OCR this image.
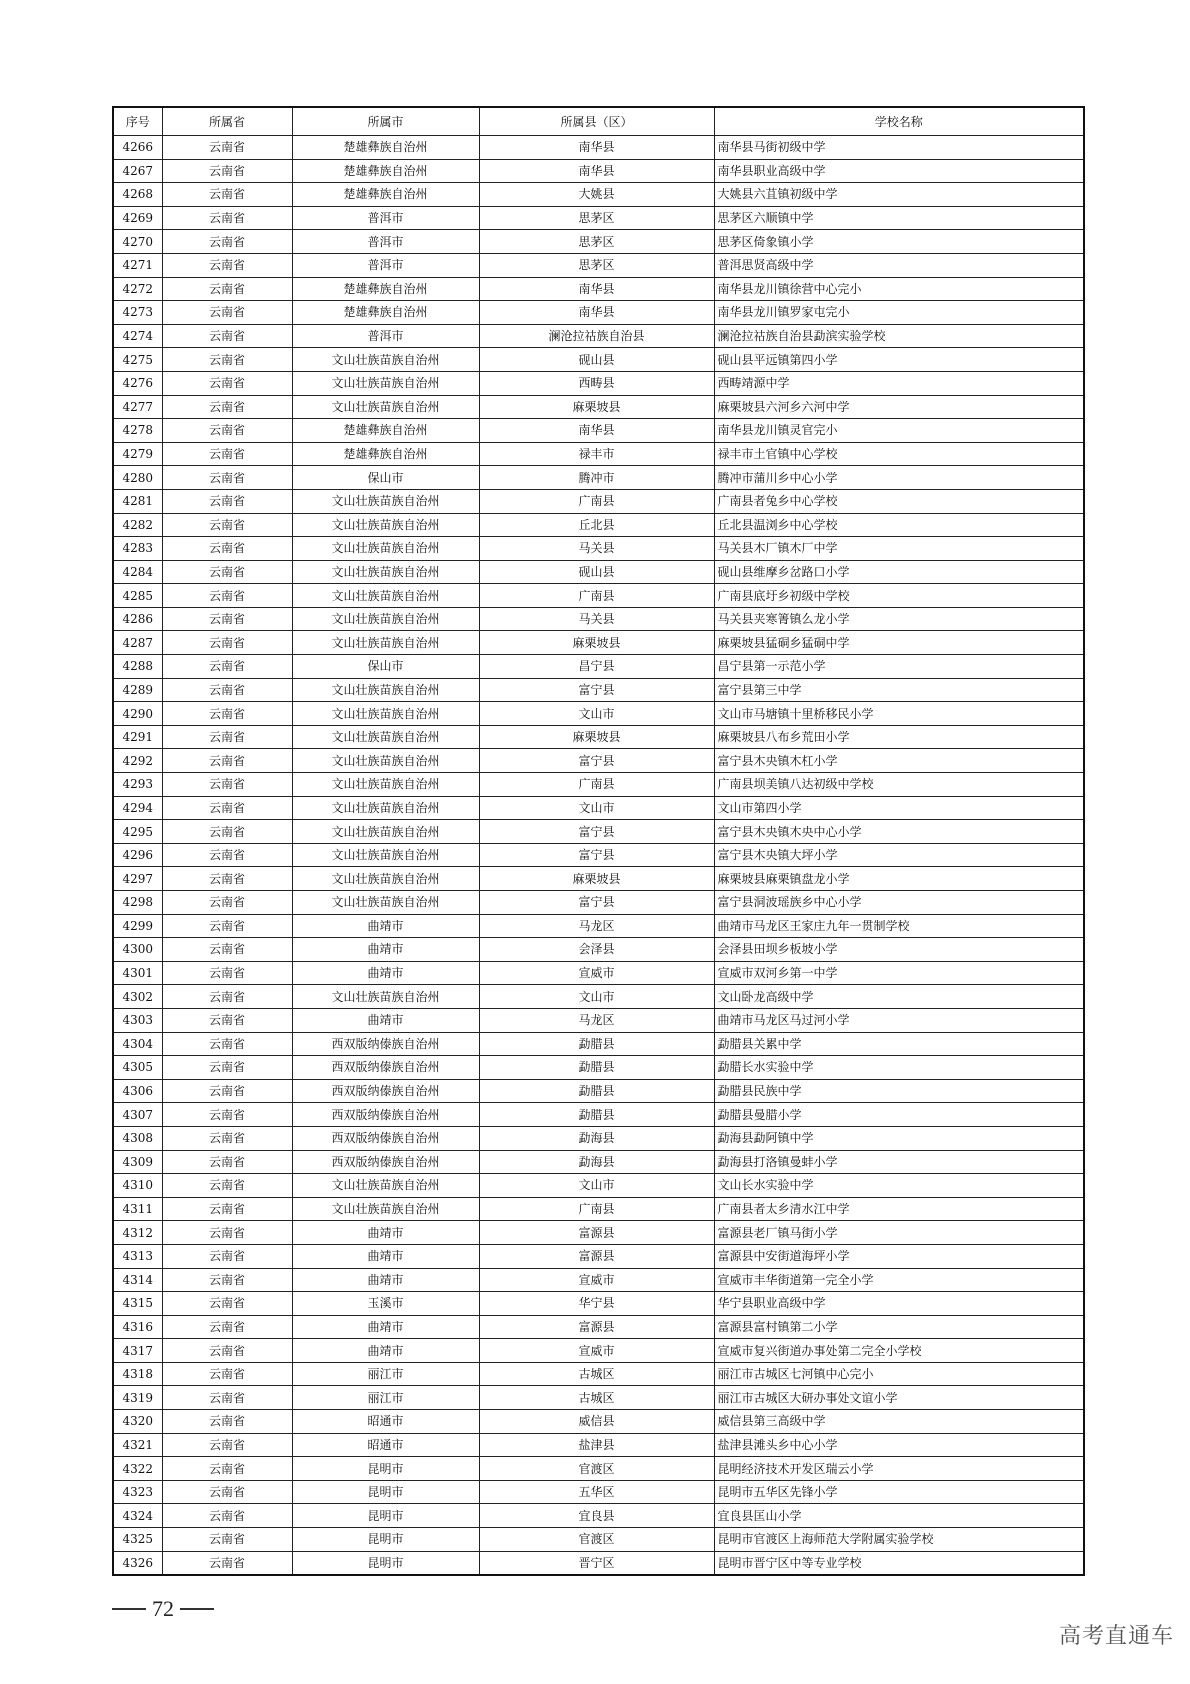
序号	所属省	所属市	所属县（区）	学校名称
4266	云南省	楚雄彝族自治州	南华县	南华县马街初级中学
4267	云南省	楚雄彝族自治州	南华县	南华县职业高级中学
4268	云南省	楚雄彝族自治州	大姚县	大姚县六苴镇初级中学
4269	云南省	普洱市	思茅区	思茅区六顺镇中学
4270	云南省	普洱市	思茅区	思茅区倚象镇小学
4271	云南省	普洱市	思茅区	普洱思贤高级中学
4272	云南省	楚雄彝族自治州	南华县	南华县龙川镇徐营中心完小
4273	云南省	楚雄彝族自治州	南华县	南华县龙川镇罗家屯完小
4274	云南省	普洱市	澜沧拉祜族自治县	澜沧拉祜族自治县勐滨实验学校
4275	云南省	文山壮族苗族自治州	砚山县	砚山县平远镇第四小学
4276	云南省	文山壮族苗族自治州	西畴县	西畴靖源中学
4277	云南省	文山壮族苗族自治州	麻栗坡县	麻栗坡县六河乡六河中学
4278	云南省	楚雄彝族自治州	南华县	南华县龙川镇灵官完小
4279	云南省	楚雄彝族自治州	禄丰市	禄丰市土官镇中心学校
4280	云南省	保山市	腾冲市	腾冲市蒲川乡中心小学
4281	云南省	文山壮族苗族自治州	广南县	广南县者兔乡中心学校
4282	云南省	文山壮族苗族自治州	丘北县	丘北县温浏乡中心学校
4283	云南省	文山壮族苗族自治州	马关县	马关县木厂镇木厂中学
4284	云南省	文山壮族苗族自治州	砚山县	砚山县维摩乡岔路口小学
4285	云南省	文山壮族苗族自治州	广南县	广南县底圩乡初级中学校
4286	云南省	文山壮族苗族自治州	马关县	马关县夹寒箐镇么龙小学
4287	云南省	文山壮族苗族自治州	麻栗坡县	麻栗坡县猛硐乡猛硐中学
4288	云南省	保山市	昌宁县	昌宁县第一示范小学
4289	云南省	文山壮族苗族自治州	富宁县	富宁县第三中学
4290	云南省	文山壮族苗族自治州	文山市	文山市马塘镇十里桥移民小学
4291	云南省	文山壮族苗族自治州	麻栗坡县	麻栗坡县八布乡荒田小学
4292	云南省	文山壮族苗族自治州	富宁县	富宁县木央镇木杠小学
4293	云南省	文山壮族苗族自治州	广南县	广南县坝美镇八达初级中学校
4294	云南省	文山壮族苗族自治州	文山市	文山市第四小学
4295	云南省	文山壮族苗族自治州	富宁县	富宁县木央镇木央中心小学
4296	云南省	文山壮族苗族自治州	富宁县	富宁县木央镇大坪小学
4297	云南省	文山壮族苗族自治州	麻栗坡县	麻栗坡县麻栗镇盘龙小学
4298	云南省	文山壮族苗族自治州	富宁县	富宁县洞波瑶族乡中心小学
4299	云南省	曲靖市	马龙区	曲靖市马龙区王家庄九年一贯制学校
4300	云南省	曲靖市	会泽县	会泽县田坝乡板坡小学
4301	云南省	曲靖市	宣威市	宣威市双河乡第一中学
4302	云南省	文山壮族苗族自治州	文山市	文山卧龙高级中学
4303	云南省	曲靖市	马龙区	曲靖市马龙区马过河小学
4304	云南省	西双版纳傣族自治州	勐腊县	勐腊县关累中学
4305	云南省	西双版纳傣族自治州	勐腊县	勐腊长水实验中学
4306	云南省	西双版纳傣族自治州	勐腊县	勐腊县民族中学
4307	云南省	西双版纳傣族自治州	勐腊县	勐腊县曼腊小学
4308	云南省	西双版纳傣族自治州	勐海县	勐海县勐阿镇中学
4309	云南省	西双版纳傣族自治州	勐海县	勐海县打洛镇曼蚌小学
4310	云南省	文山壮族苗族自治州	文山市	文山长水实验中学
4311	云南省	文山壮族苗族自治州	广南县	广南县者太乡清水江中学
4312	云南省	曲靖市	富源县	富源县老厂镇马街小学
4313	云南省	曲靖市	富源县	富源县中安街道海坪小学
4314	云南省	曲靖市	宣威市	宣威市丰华街道第一完全小学
4315	云南省	玉溪市	华宁县	华宁县职业高级中学
4316	云南省	曲靖市	富源县	富源县富村镇第二小学
4317	云南省	曲靖市	宣威市	宣威市复兴街道办事处第二完全小学校
4318	云南省	丽江市	古城区	丽江市古城区七河镇中心完小
4319	云南省	丽江市	古城区	丽江市古城区大研办事处文谊小学
4320	云南省	昭通市	威信县	威信县第三高级中学
4321	云南省	昭通市	盐津县	盐津县滩头乡中心小学
4322	云南省	昆明市	官渡区	昆明经济技术开发区瑞云小学
4323	云南省	昆明市	五华区	昆明市五华区先锋小学
4324	云南省	昆明市	宜良县	宜良县匡山小学
4325	云南省	昆明市	官渡区	昆明市官渡区上海师范大学附属实验学校
4326	云南省	昆明市	晋宁区	昆明市晋宁区中等专业学校
72
高考直通车
